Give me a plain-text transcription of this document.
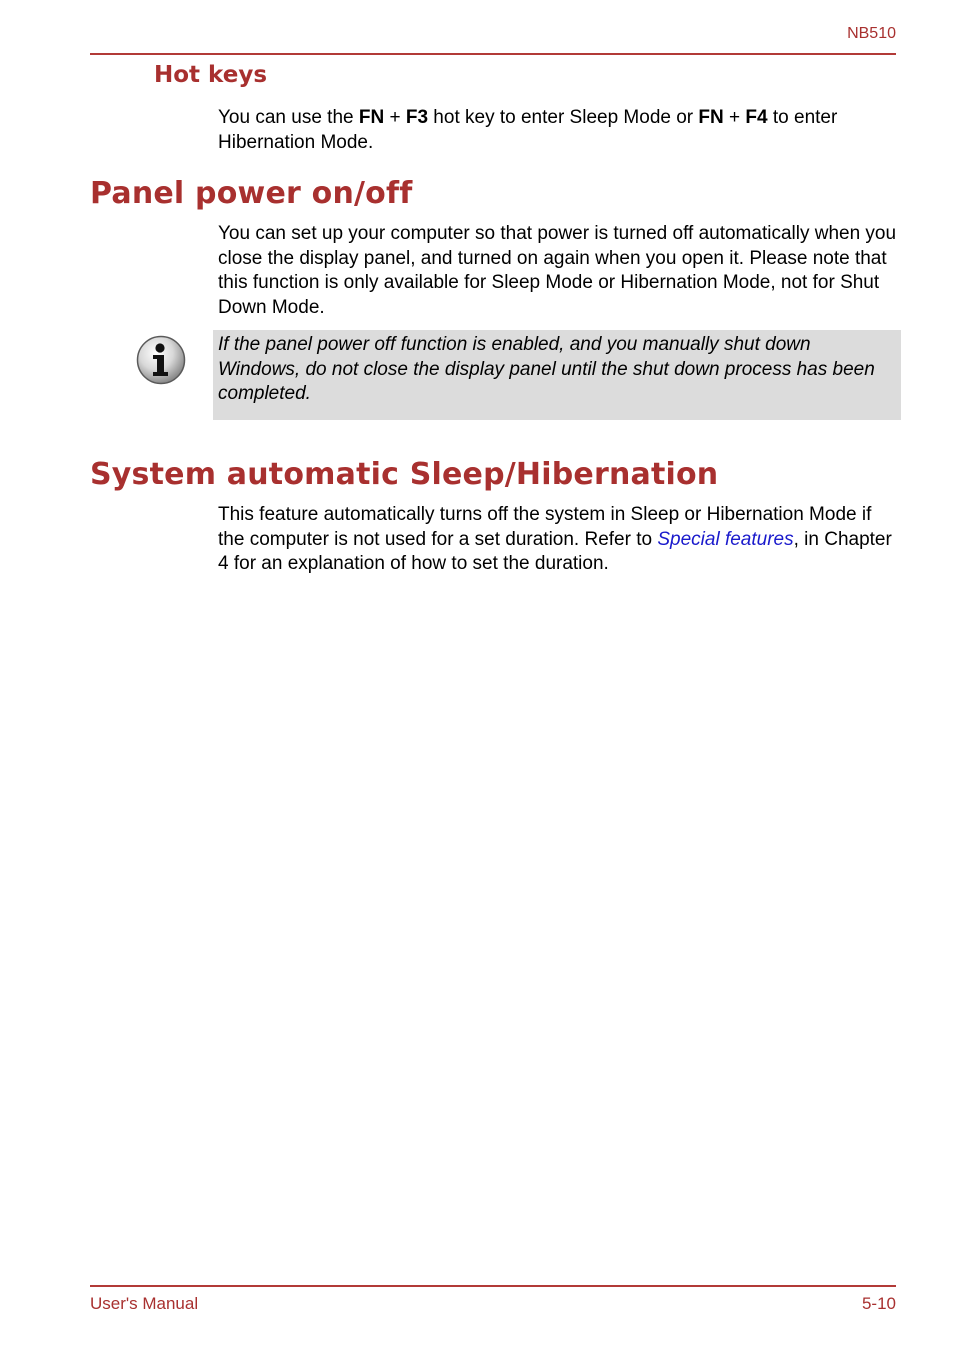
NB510
Hot keys

You can use the FN + F3 hot key to enter Sleep Mode or FN + F4 to enter Hibernation Mode.

Panel power on/off

You can set up your computer so that power is turned off automatically when you close the display panel, and turned on again when you open it. Please note that this function is only available for Sleep Mode or Hibernation Mode, not for Shut Down Mode.

If the panel power off function is enabled, and you manually shut down Windows, do not close the display panel until the shut down process has been completed.

System automatic Sleep/Hibernation

This feature automatically turns off the system in Sleep or Hibernation Mode if the computer is not used for a set duration. Refer to Special features, in Chapter 4 for an explanation of how to set the duration.

User's Manual	5-10
